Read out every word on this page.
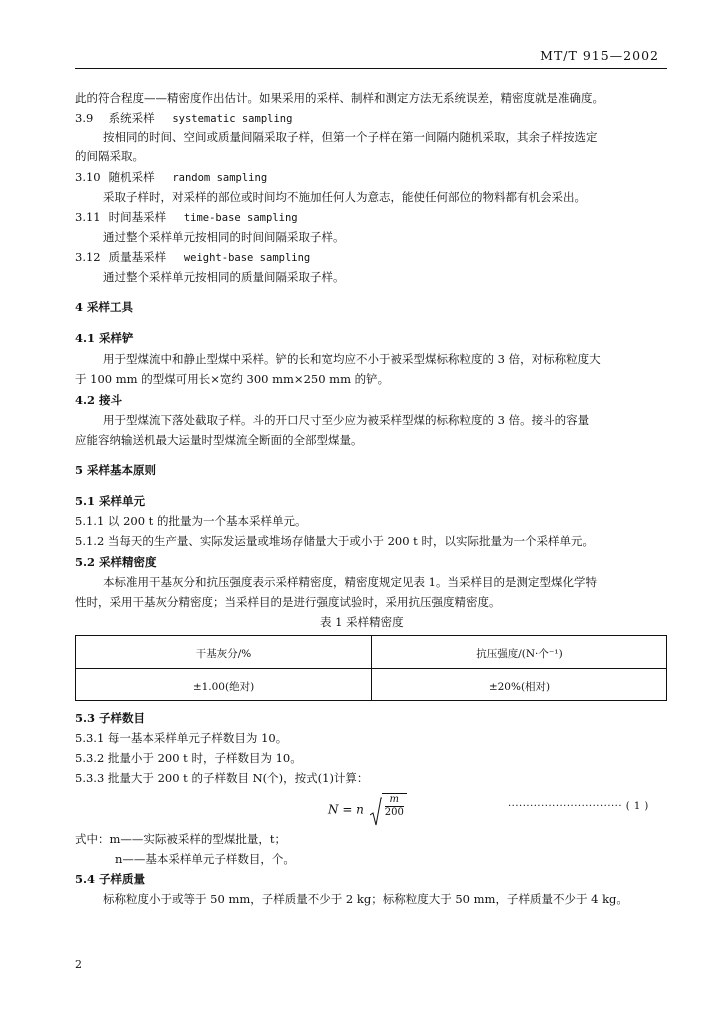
MT/T 915—2002
此的符合程度——精密度作出估计。如果采用的采样、制样和测定方法无系统误差，精密度就是准确度。
3.9 系统采样 systematic sampling
按相同的时间、空间或质量间隔采取子样，但第一个子样在第一间隔内随机采取，其余子样按选定
的间隔采取。
3.10 随机采样 random sampling
采取子样时，对采样的部位或时间均不施加任何人为意志，能使任何部位的物料都有机会采出。
3.11 时间基采样 time-base sampling
通过整个采样单元按相同的时间间隔采取子样。
3.12 质量基采样 weight-base sampling
通过整个采样单元按相同的质量间隔采取子样。
4 采样工具
4.1 采样铲
用于型煤流中和静止型煤中采样。铲的长和宽均应不小于被采型煤标称粒度的 3 倍，对标称粒度大
于 100 mm 的型煤可用长×宽约 300 mm×250 mm 的铲。
4.2 接斗
用于型煤流下落处截取子样。斗的开口尺寸至少应为被采样型煤的标称粒度的 3 倍。接斗的容量
应能容纳输送机最大运量时型煤流全断面的全部型煤量。
5 采样基本原则
5.1 采样单元
5.1.1 以 200 t 的批量为一个基本采样单元。
5.1.2 当每天的生产量、实际发运量或堆场存储量大于或小于 200 t 时，以实际批量为一个采样单元。
5.2 采样精密度
本标准用干基灰分和抗压强度表示采样精密度，精密度规定见表 1。当采样目的是测定型煤化学特
性时，采用干基灰分精密度；当采样目的是进行强度试验时，采用抗压强度精密度。
表 1 采样精密度
干基灰分/%	抗压强度/(N·个⁻¹)
±1.00(绝对)	±20%(相对)
5.3 子样数目
5.3.1 每一基本采样单元子样数目为 10。
5.3.2 批量小于 200 t 时，子样数目为 10。
5.3.3 批量大于 200 t 的子样数目 N(个)，按式(1)计算：
N = n $\frac{m}{200}$	······························· ( 1 )
式中：m——实际被采样的型煤批量，t；
n——基本采样单元子样数目，个。
5.4 子样质量
标称粒度小于或等于 50 mm，子样质量不少于 2 kg；标称粒度大于 50 mm，子样质量不少于 4 kg。
2
